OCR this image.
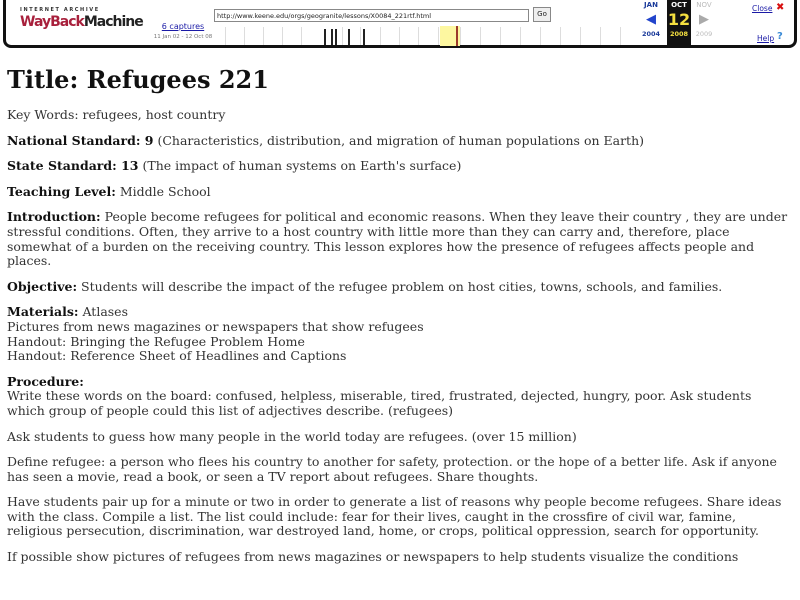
INTERNET ARCHIVE
WayBackMachine	6 captures
11 Jan 02 - 12 Oct 08
http://www.keene.edu/orgs/geogranite/lessons/X0084_221rtf.html
Go
JAN
◀
2004
OCT
12
2008
NOV
▶
2009
Close ✖
Help ?
Title: Refugees 221

Key Words: refugees, host country

National Standard: 9 (Characteristics, distribution, and migration of human populations on Earth)

State Standard: 13 (The impact of human systems on Earth's surface)

Teaching Level: Middle School

Introduction: People become refugees for political and economic reasons. When they leave their country , they are under stressful conditions. Often, they arrive to a host country with little more than they can carry and, therefore, place somewhat of a burden on the receiving country. This lesson explores how the presence of refugees affects people and places.

Objective: Students will describe the impact of the refugee problem on host cities, towns, schools, and families.

Materials: Atlases
Pictures from news magazines or newspapers that show refugees
Handout: Bringing the Refugee Problem Home
Handout: Reference Sheet of Headlines and Captions

Procedure:
Write these words on the board: confused, helpless, miserable, tired, frustrated, dejected, hungry, poor. Ask students which group of people could this list of adjectives describe. (refugees)

Ask students to guess how many people in the world today are refugees. (over 15 million)

Define refugee: a person who flees his country to another for safety, protection. or the hope of a better life. Ask if anyone has seen a movie, read a book, or seen a TV report about refugees. Share thoughts.

Have students pair up for a minute or two in order to generate a list of reasons why people become refugees. Share ideas with the class. Compile a list. The list could include: fear for their lives, caught in the crossfire of civil war, famine, religious persecution, discrimination, war destroyed land, home, or crops, political oppression, search for opportunity.

If possible show pictures of refugees from news magazines or newspapers to help students visualize the conditions
